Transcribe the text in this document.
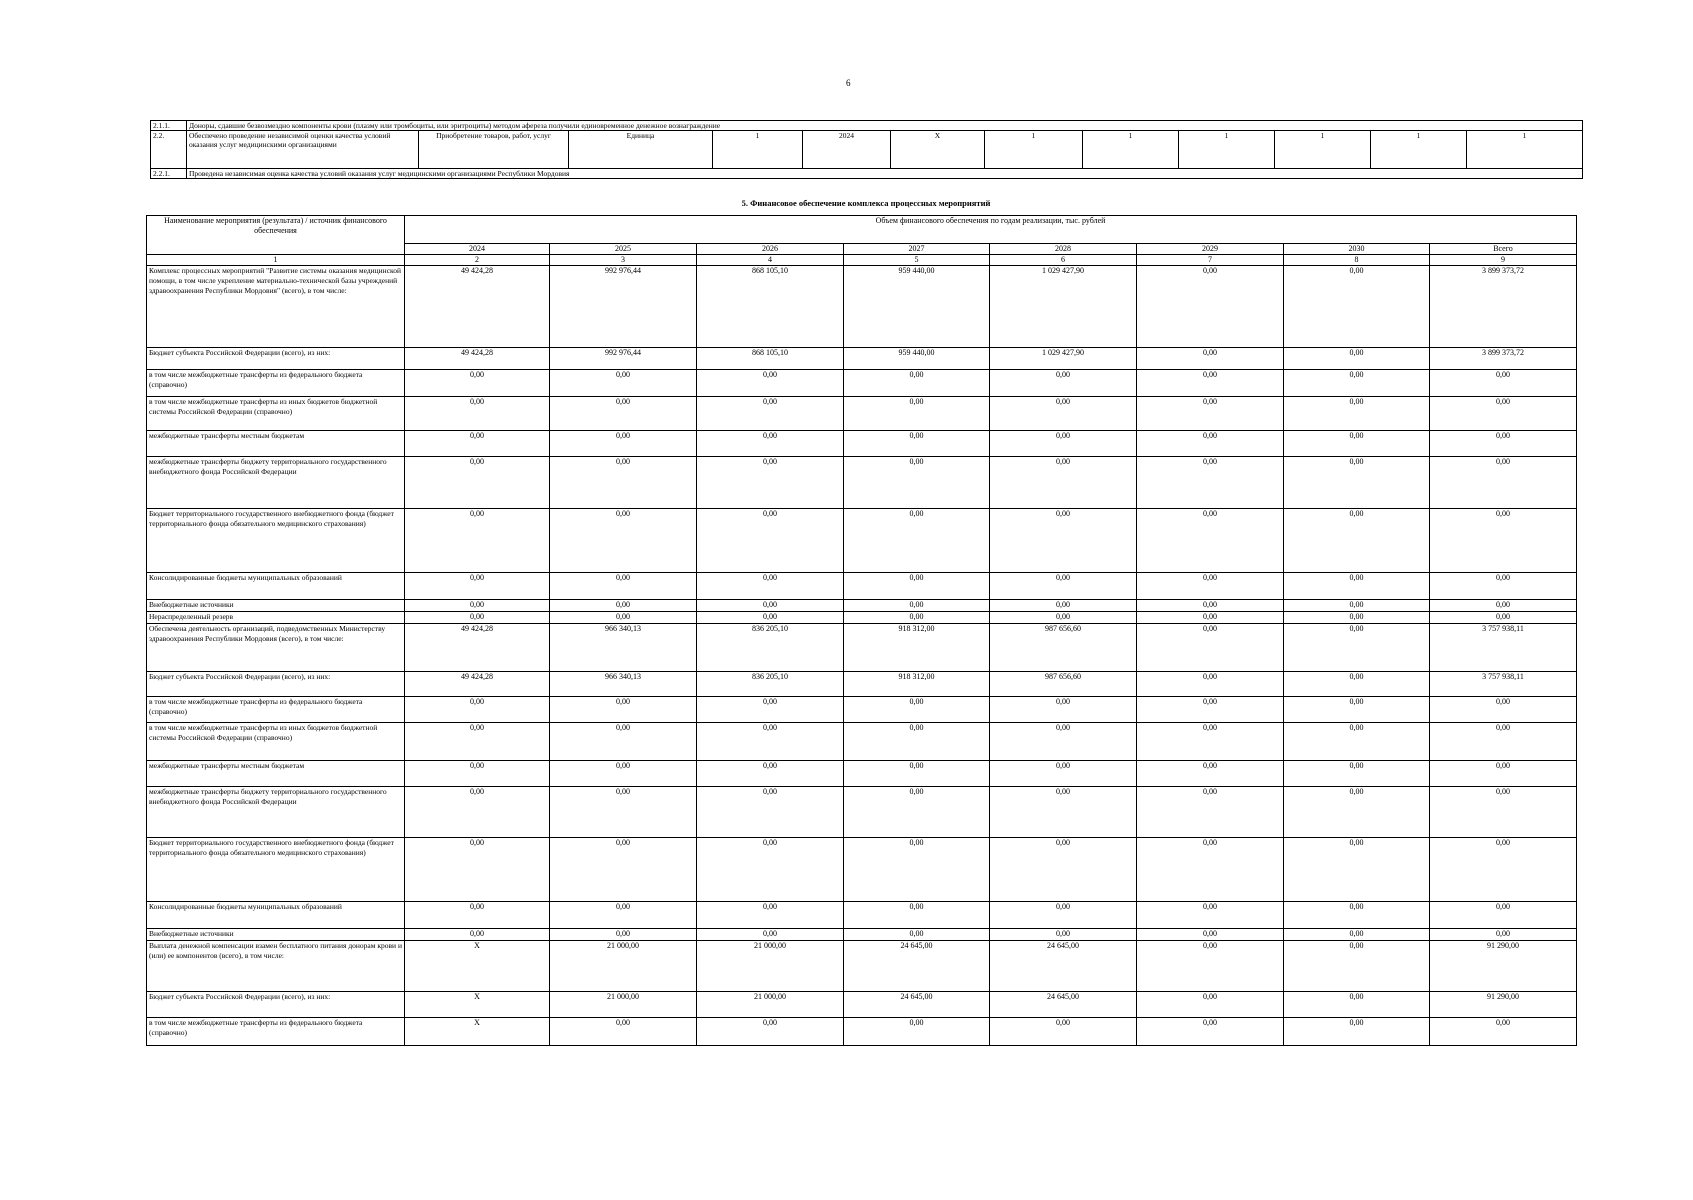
6
2.1.1.	Доноры, сдавшие безвозмездно компоненты крови (плазму или тромбоциты, или эритроциты) методом афереза получили единовременное денежное вознаграждение											
2.2.	Обеспечено проведение независимой оценки качества условий оказания услуг медицинскими организациями	Приобретение товаров, работ, услуг	Единица	1	2024	X	1	1	1	1	1	1
2.2.1.	Проведена независимая оценка качества условий оказания услуг медицинскими организациями Республики Мордовия											
5. Финансовое обеспечение комплекса процессных мероприятий
Наименование мероприятия (результата) / источник финансового обеспечения	Объем финансового обеспечения по годам реализации, тыс. рублей							
	2024	2025	2026	2027	2028	2029	2030	Всего
1	2	3	4	5	6	7	8	9
Комплекс процессных мероприятий "Развитие системы оказания медицинской помощи, в том числе укрепление материально-технической базы учреждений здравоохранения Республики Мордовия" (всего), в том числе:	49 424,28	992 976,44	868 105,10	959 440,00	1 029 427,90	0,00	0,00	3 899 373,72
Бюджет субъекта Российской Федерации (всего), из них:	49 424,28	992 976,44	868 105,10	959 440,00	1 029 427,90	0,00	0,00	3 899 373,72
в том числе межбюджетные трансферты из федерального бюджета (справочно)	0,00	0,00	0,00	0,00	0,00	0,00	0,00	0,00
в том числе межбюджетные трансферты из иных бюджетов бюджетной системы Российской Федерации (справочно)	0,00	0,00	0,00	0,00	0,00	0,00	0,00	0,00
межбюджетные трансферты местным бюджетам	0,00	0,00	0,00	0,00	0,00	0,00	0,00	0,00
межбюджетные трансферты бюджету территориального государственного внебюджетного фонда Российской Федерации	0,00	0,00	0,00	0,00	0,00	0,00	0,00	0,00
Бюджет территориального государственного внебюджетного фонда (бюджет территориального фонда обязательного медицинского страхования)	0,00	0,00	0,00	0,00	0,00	0,00	0,00	0,00
Консолидированные бюджеты муниципальных образований	0,00	0,00	0,00	0,00	0,00	0,00	0,00	0,00
Внебюджетные источники	0,00	0,00	0,00	0,00	0,00	0,00	0,00	0,00
Нераспределенный резерв	0,00	0,00	0,00	0,00	0,00	0,00	0,00	0,00
Обеспечена деятельность организаций, подведомственных Министерству здравоохранения Республики Мордовия (всего), в том числе:	49 424,28	966 340,13	836 205,10	918 312,00	987 656,60	0,00	0,00	3 757 938,11
Бюджет субъекта Российской Федерации (всего), из них:	49 424,28	966 340,13	836 205,10	918 312,00	987 656,60	0,00	0,00	3 757 938,11
в том числе межбюджетные трансферты из федерального бюджета (справочно)	0,00	0,00	0,00	0,00	0,00	0,00	0,00	0,00
в том числе межбюджетные трансферты из иных бюджетов бюджетной системы Российской Федерации (справочно)	0,00	0,00	0,00	0,00	0,00	0,00	0,00	0,00
межбюджетные трансферты местным бюджетам	0,00	0,00	0,00	0,00	0,00	0,00	0,00	0,00
межбюджетные трансферты бюджету территориального государственного внебюджетного фонда Российской Федерации	0,00	0,00	0,00	0,00	0,00	0,00	0,00	0,00
Бюджет территориального государственного внебюджетного фонда (бюджет территориального фонда обязательного медицинского страхования)	0,00	0,00	0,00	0,00	0,00	0,00	0,00	0,00
Консолидированные бюджеты муниципальных образований	0,00	0,00	0,00	0,00	0,00	0,00	0,00	0,00
Внебюджетные источники	0,00	0,00	0,00	0,00	0,00	0,00	0,00	0,00
Выплата денежной компенсации взамен бесплатного питания донорам крови и (или) ее компонентов (всего), в том числе:	X	21 000,00	21 000,00	24 645,00	24 645,00	0,00	0,00	91 290,00
Бюджет субъекта Российской Федерации (всего), из них:	X	21 000,00	21 000,00	24 645,00	24 645,00	0,00	0,00	91 290,00
в том числе межбюджетные трансферты из федерального бюджета (справочно)	X	0,00	0,00	0,00	0,00	0,00	0,00	0,00
